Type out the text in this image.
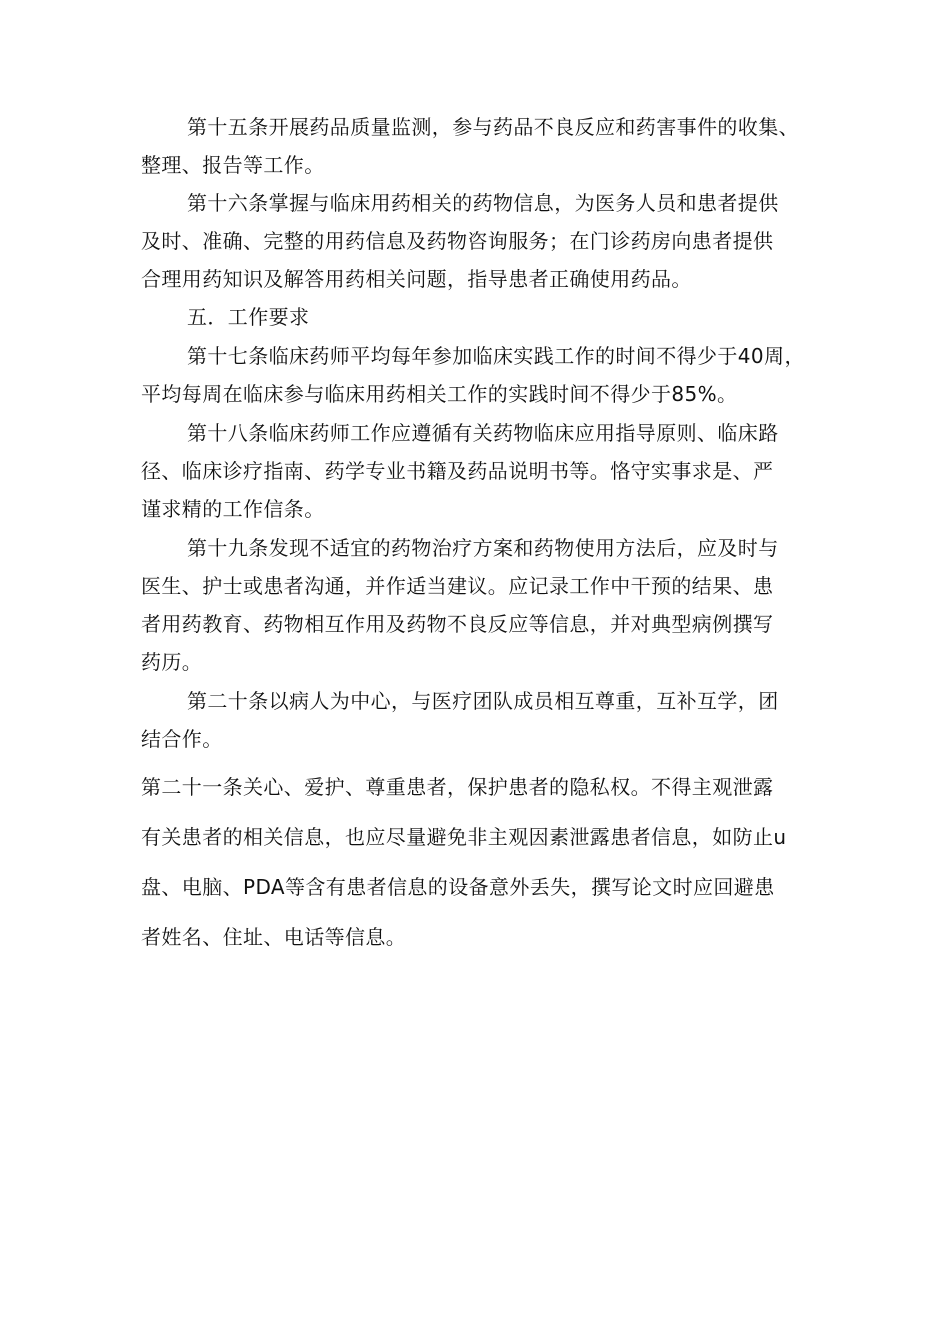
第十五条开展药品质量监测，参与药品不良反应和药害事件的收集、
整理、报告等工作。
第十六条掌握与临床用药相关的药物信息，为医务人员和患者提供
及时、准确、完整的用药信息及药物咨询服务；在门诊药房向患者提供
合理用药知识及解答用药相关问题，指导患者正确使用药品。
五．工作要求
第十七条临床药师平均每年参加临床实践工作的时间不得少于40周，
平均每周在临床参与临床用药相关工作的实践时间不得少于85%。
第十八条临床药师工作应遵循有关药物临床应用指导原则、临床路
径、临床诊疗指南、药学专业书籍及药品说明书等。恪守实事求是、严
谨求精的工作信条。
第十九条发现不适宜的药物治疗方案和药物使用方法后，应及时与
医生、护士或患者沟通，并作适当建议。应记录工作中干预的结果、患
者用药教育、药物相互作用及药物不良反应等信息，并对典型病例撰写
药历。
第二十条以病人为中心，与医疗团队成员相互尊重，互补互学，团
结合作。
第二十一条关心、爱护、尊重患者，保护患者的隐私权。不得主观泄露
有关患者的相关信息，也应尽量避免非主观因素泄露患者信息，如防止u
盘、电脑、PDA等含有患者信息的设备意外丢失，撰写论文时应回避患
者姓名、住址、电话等信息。
